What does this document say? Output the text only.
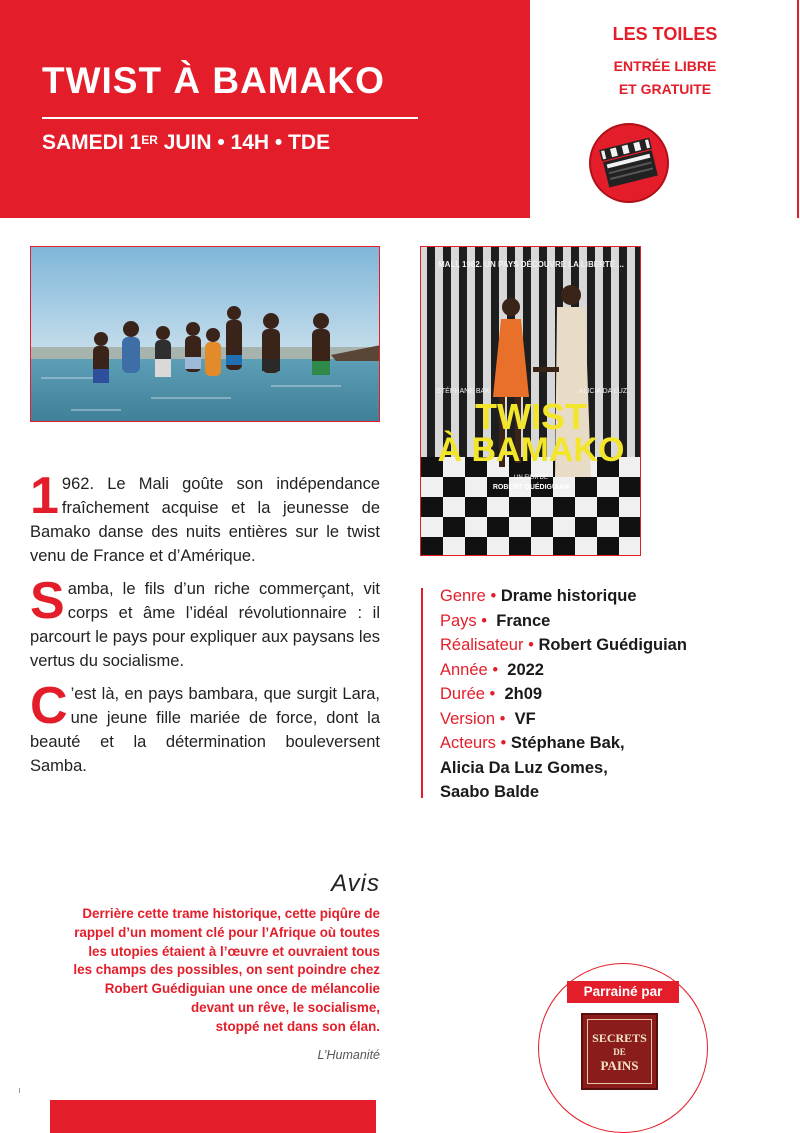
TWIST À BAMAKO
SAMEDI 1ER JUIN • 14H • TDE
LES TOILES
ENTRÉE LIBRE
ET GRATUITE
MALI, 1962. UN PAYS DÉCOUVRE LA LIBERTÉ ...
STÉPHANE BAK	ALICIA DA LUZ
TWIST
À BAMAKO
UN FILM DE
ROBERT GUÉDIGUIAN

1 962. Le Mali goûte son indépendance fraîchement acquise et la jeunesse de Bamako danse des nuits entières sur le twist venu de France et d’Amérique.

Samba, le fils d’un riche commerçant, vit corps et âme l’idéal révolutionnaire : il parcourt le pays pour expliquer aux paysans les vertus du socialisme.

C ’est là, en pays bambara, que surgit Lara, une jeune fille mariée de force, dont la beauté et la détermination bouleversent Samba.

Genre • Drame historique
Pays • France
Réalisateur • Robert Guédiguian
Année • 2022
Durée • 2h09
Version • VF
Acteurs • Stéphane Bak,
Alicia Da Luz Gomes,
Saabo Balde
Avis
Derrière cette trame historique, cette piqûre de
rappel d’un moment clé pour l’Afrique où toutes
les utopies étaient à l’œuvre et ouvraient tous
les champs des possibles, on sent poindre chez
Robert Guédiguian une once de mélancolie
devant un rêve, le socialisme,
stoppé net dans son élan.
L’Humanité
Parrainé par
SECRETS
DE
PAINS
